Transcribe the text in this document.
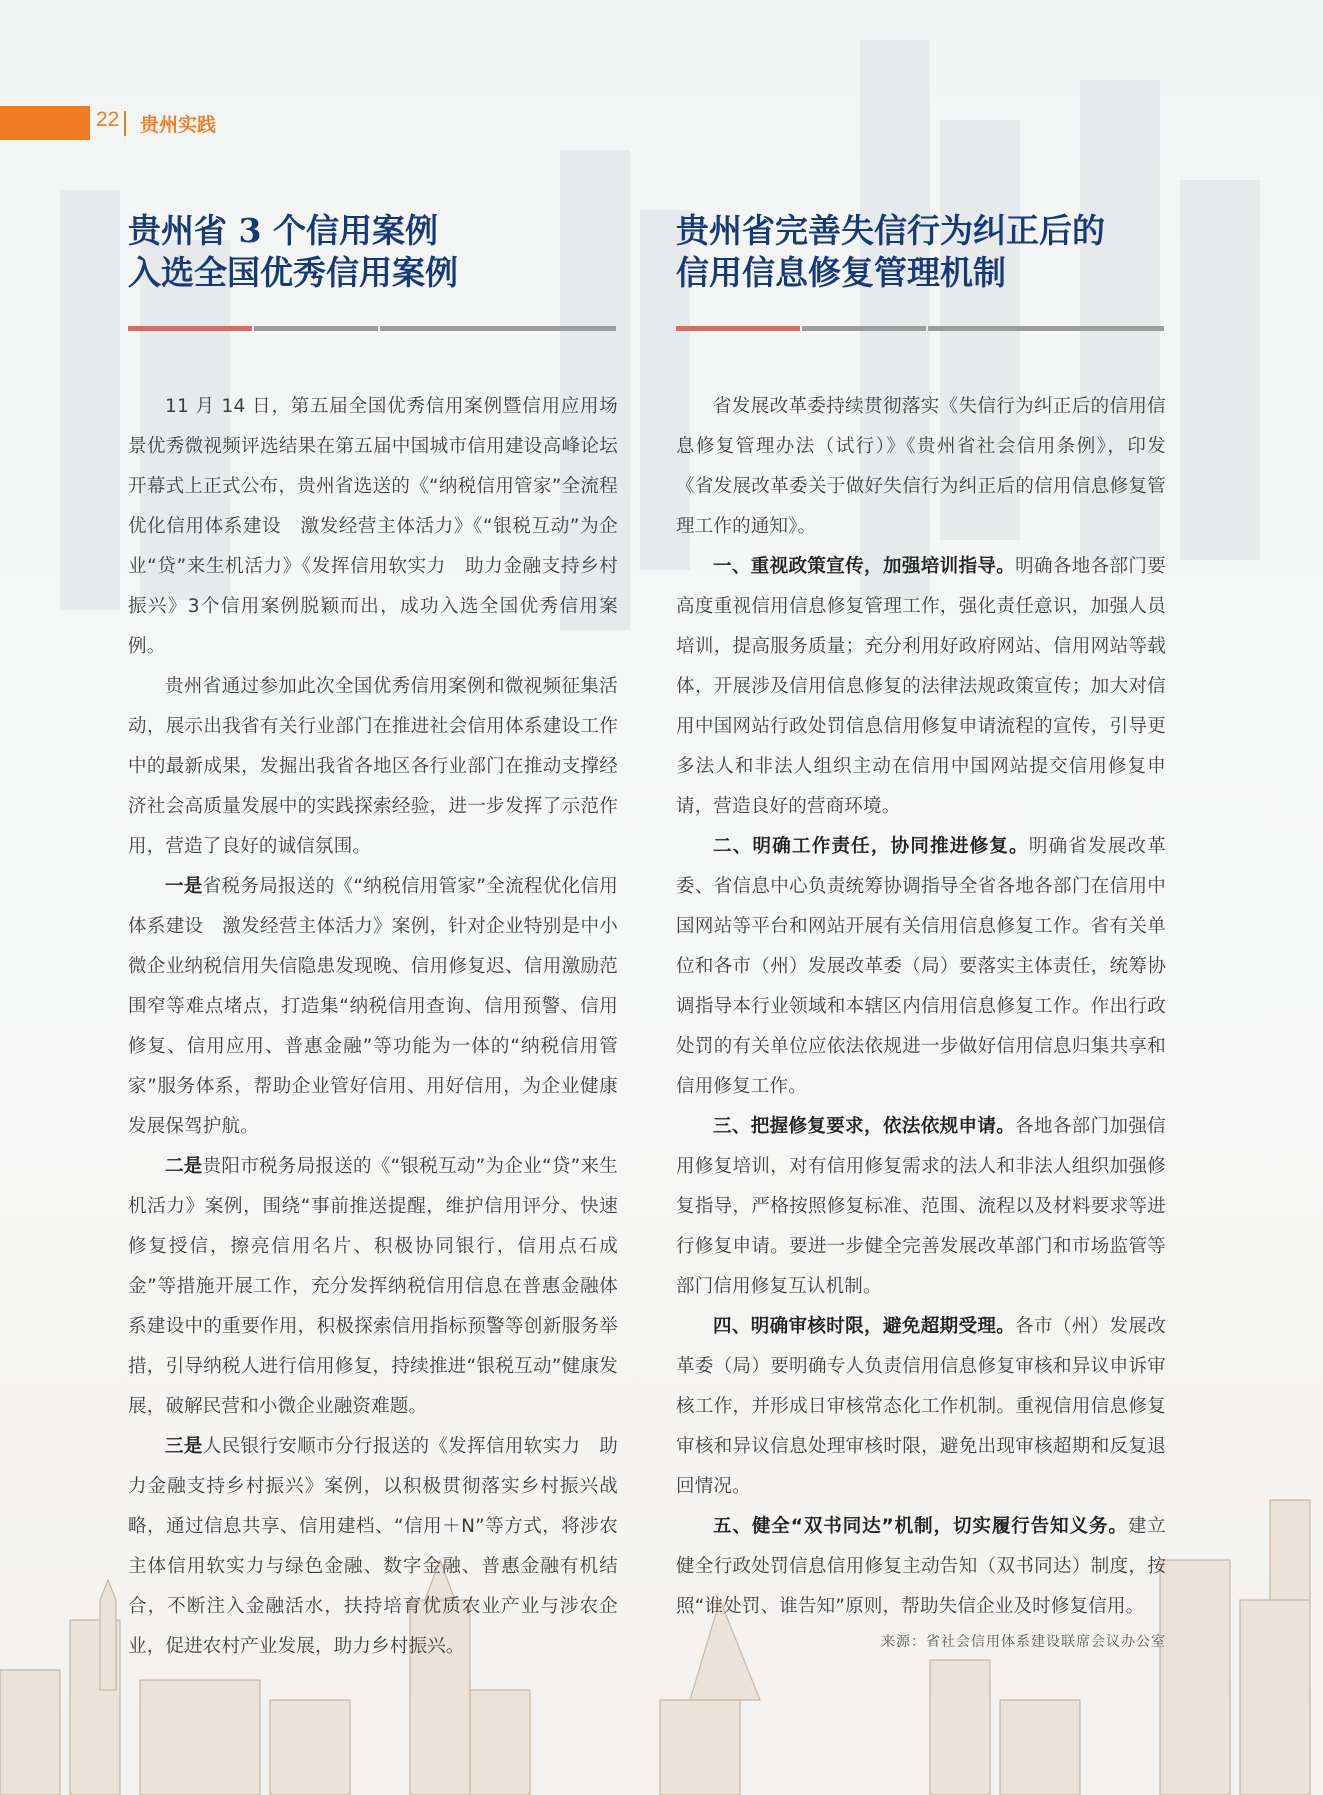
22 贵州实践
贵州省 3 个信用案例
入选全国优秀信用案例

11 月 14 日，第五届全国优秀信用案例暨信用应用场景优秀微视频评选结果在第五届中国城市信用建设高峰论坛开幕式上正式公布，贵州省选送的《“纳税信用管家”全流程优化信用体系建设　激发经营主体活力》《“银税互动”为企业“贷”来生机活力》《发挥信用软实力　助力金融支持乡村振兴》3个信用案例脱颖而出，成功入选全国优秀信用案例。

贵州省通过参加此次全国优秀信用案例和微视频征集活动，展示出我省有关行业部门在推进社会信用体系建设工作中的最新成果，发掘出我省各地区各行业部门在推动支撑经济社会高质量发展中的实践探索经验，进一步发挥了示范作用，营造了良好的诚信氛围。

一是省税务局报送的《“纳税信用管家”全流程优化信用体系建设　激发经营主体活力》案例，针对企业特别是中小微企业纳税信用失信隐患发现晚、信用修复迟、信用激励范围窄等难点堵点，打造集“纳税信用查询、信用预警、信用修复、信用应用、普惠金融”等功能为一体的“纳税信用管家”服务体系，帮助企业管好信用、用好信用，为企业健康发展保驾护航。

二是贵阳市税务局报送的《“银税互动”为企业“贷”来生机活力》案例，围绕“事前推送提醒，维护信用评分、快速修复授信，擦亮信用名片、积极协同银行，信用点石成金”等措施开展工作，充分发挥纳税信用信息在普惠金融体系建设中的重要作用，积极探索信用指标预警等创新服务举措，引导纳税人进行信用修复，持续推进“银税互动”健康发展，破解民营和小微企业融资难题。

三是人民银行安顺市分行报送的《发挥信用软实力　助力金融支持乡村振兴》案例，以积极贯彻落实乡村振兴战略，通过信息共享、信用建档、“信用＋N”等方式，将涉农主体信用软实力与绿色金融、数字金融、普惠金融有机结合，不断注入金融活水，扶持培育优质农业产业与涉农企业，促进农村产业发展，助力乡村振兴。

贵州省完善失信行为纠正后的
信用信息修复管理机制

省发展改革委持续贯彻落实《失信行为纠正后的信用信息修复管理办法（试行）》《贵州省社会信用条例》，印发《省发展改革委关于做好失信行为纠正后的信用信息修复管理工作的通知》。

一、重视政策宣传，加强培训指导。明确各地各部门要高度重视信用信息修复管理工作，强化责任意识，加强人员培训，提高服务质量；充分利用好政府网站、信用网站等载体，开展涉及信用信息修复的法律法规政策宣传；加大对信用中国网站行政处罚信息信用修复申请流程的宣传，引导更多法人和非法人组织主动在信用中国网站提交信用修复申请，营造良好的营商环境。

二、明确工作责任，协同推进修复。明确省发展改革委、省信息中心负责统筹协调指导全省各地各部门在信用中国网站等平台和网站开展有关信用信息修复工作。省有关单位和各市（州）发展改革委（局）要落实主体责任，统筹协调指导本行业领域和本辖区内信用信息修复工作。作出行政处罚的有关单位应依法依规进一步做好信用信息归集共享和信用修复工作。

三、把握修复要求，依法依规申请。各地各部门加强信用修复培训，对有信用修复需求的法人和非法人组织加强修复指导，严格按照修复标准、范围、流程以及材料要求等进行修复申请。要进一步健全完善发展改革部门和市场监管等部门信用修复互认机制。

四、明确审核时限，避免超期受理。各市（州）发展改革委（局）要明确专人负责信用信息修复审核和异议申诉审核工作，并形成日审核常态化工作机制。重视信用信息修复审核和异议信息处理审核时限，避免出现审核超期和反复退回情况。

五、健全“双书同达”机制，切实履行告知义务。建立健全行政处罚信息信用修复主动告知（双书同达）制度，按照“谁处罚、谁告知”原则，帮助失信企业及时修复信用。

来源：省社会信用体系建设联席会议办公室
